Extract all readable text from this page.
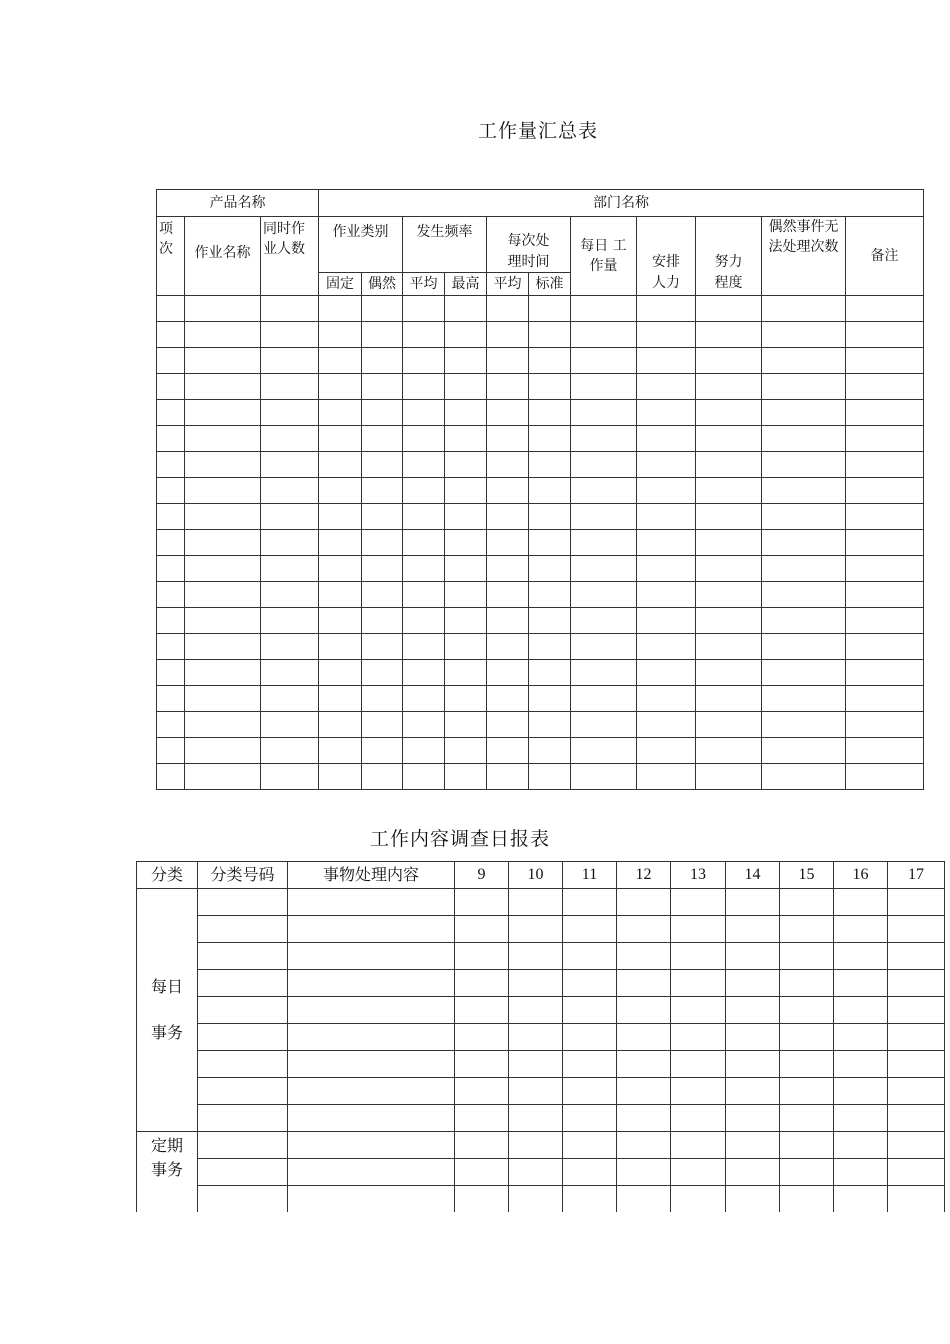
工作量汇总表
产品名称			部门名称										
项次	作业名称	同时作业人数	作业类别		发生频率		每次处理时间		每日 工作量	安排人力	努力程度	偶然事件无法处理次数	备注
			固定	偶然	平均	最高	平均	标准					

工作内容调查日报表
分类	分类号码	事物处理内容	9	10	11	12	13	14	15	16	17

每日
事务											

定期
事务											
